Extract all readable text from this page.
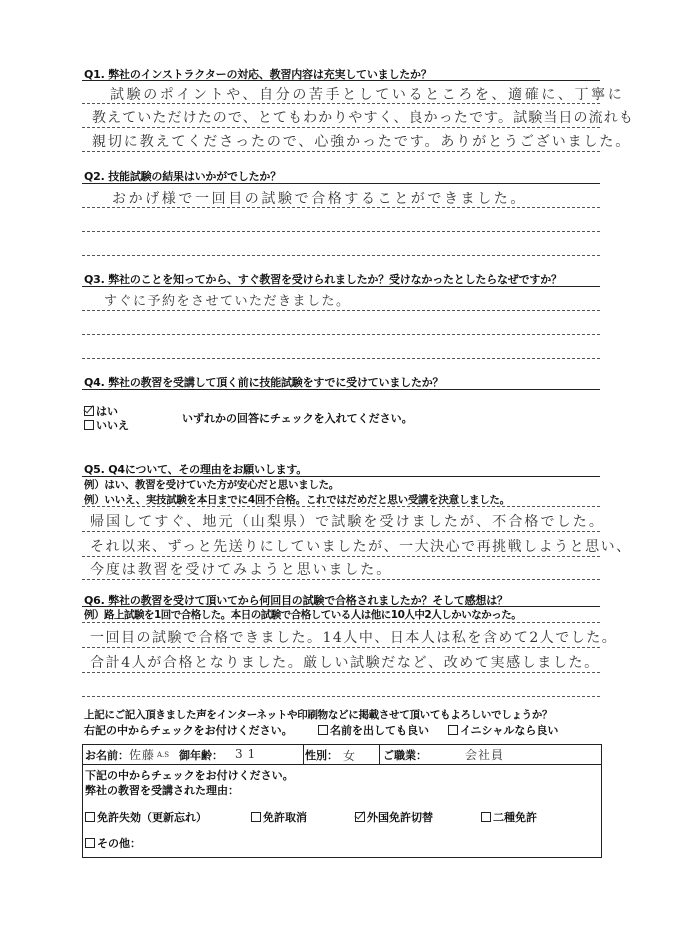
Q1. 弊社のインストラクターの対応、教習内容は充実していましたか？
試験のポイントや、自分の苦手としているところを、適確に、丁寧に
教えていただけたので、とてもわかりやすく、良かったです。試験当日の流れも
親切に教えてくださったので、心強かったです。ありがとうございました。
Q2. 技能試験の結果はいかがでしたか？
おかげ様で一回目の試験で合格することができました。
Q3. 弊社のことを知ってから、すぐ教習を受けられましたか？受けなかったとしたらなぜですか？
すぐに予約をさせていただきました。
Q4. 弊社の教習を受講して頂く前に技能試験をすでに受けていましたか？
はい
いいえ
いずれかの回答にチェックを入れてください。
Q5. Q4について、その理由をお願いします。
例）はい、教習を受けていた方が安心だと思いました。
例）いいえ、実技試験を本日までに4回不合格。これではだめだと思い受講を決意しました。
帰国してすぐ、地元（山梨県）で試験を受けましたが、不合格でした。
それ以来、ずっと先送りにしていましたが、一大決心で再挑戦しようと思い、
今度は教習を受けてみようと思いました。
Q6. 弊社の教習を受けて頂いてから何回目の試験で合格されましたか？そして感想は？
例）路上試験を1回で合格した。本日の試験で合格している人は他に10人中2人しかいなかった。
一回目の試験で合格できました。14人中、日本人は私を含めて2人でした。
合計4人が合格となりました。厳しい試験だなど、改めて実感しました。
上記にご記入頂きました声をインターネットや印刷物などに掲載させて頂いてもよろしいでしょうか？
右記の中からチェックをお付けください。	名前を出しても良い	イニシャルなら良い
お名前： 佐藤 A.S 御年齢： 31	性別： 女 ご職業：	会社員
下記の中からチェックをお付けください。
弊社の教習を受講された理由：
免許失効（更新忘れ）	免許取消	外国免許切替	二種免許
その他：
